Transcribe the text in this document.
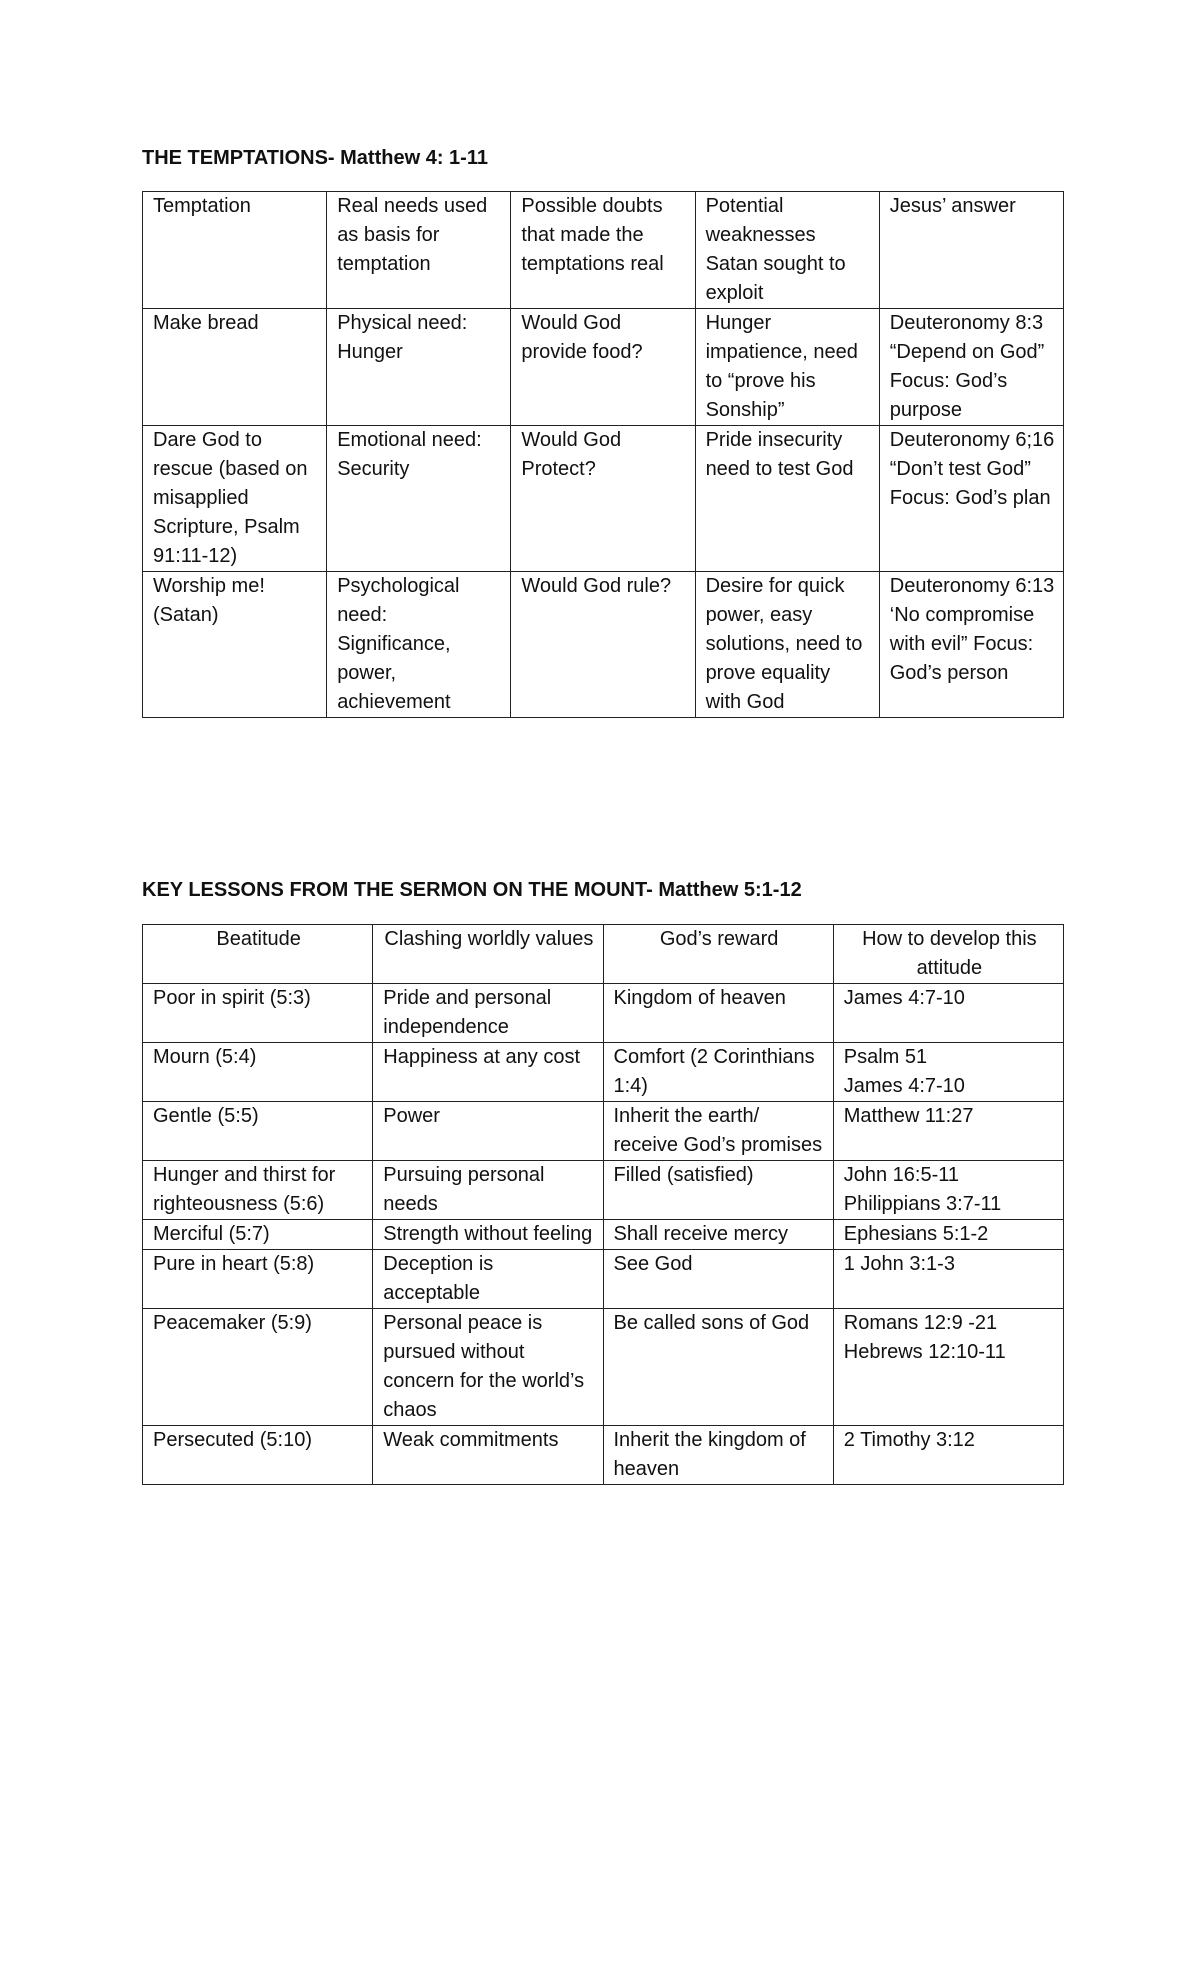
THE TEMPTATIONS- Matthew 4: 1-11

Temptation	Real needs used as basis for temptation	Possible doubts that made the temptations real	Potential weaknesses Satan sought to exploit	Jesus’ answer
Make bread	Physical need: Hunger	Would God provide food?	Hunger impatience, need to “prove his Sonship”	Deuteronomy 8:3 “Depend on God” Focus: God’s purpose
Dare God to rescue (based on misapplied Scripture, Psalm 91:11-12)	Emotional need: Security	Would God Protect?	Pride insecurity need to test God	Deuteronomy 6;16 “Don’t test God” Focus: God’s plan
Worship me! (Satan)	Psychological need: Significance, power, achievement	Would God rule?	Desire for quick power, easy solutions, need to prove equality with God	Deuteronomy 6:13 ‘No compromise with evil” Focus: God’s person

KEY LESSONS FROM THE SERMON ON THE MOUNT- Matthew 5:1-12

Beatitude	Clashing worldly values	God’s reward	How to develop this attitude
Poor in spirit (5:3)	Pride and personal independence	Kingdom of heaven	James 4:7-10

Mourn (5:4)	Happiness at any cost	Comfort (2 Corinthians 1:4)	Psalm 51
James 4:7-10

Gentle (5:5)	Power	Inherit the earth/ receive God’s promises	Matthew 11:27

Hunger and thirst for righteousness (5:6)	Pursuing personal needs	Filled (satisfied)	John 16:5-11
Philippians 3:7-11

Merciful (5:7)	Strength without feeling	Shall receive mercy	Ephesians 5:1-2

Pure in heart (5:8)	Deception is acceptable	See God	1 John 3:1-3

Peacemaker (5:9)	Personal peace is pursued without concern for the world’s chaos	Be called sons of God	Romans 12:9 -21
Hebrews 12:10-11

Persecuted (5:10)	Weak commitments	Inherit the kingdom of heaven	2 Timothy 3:12
